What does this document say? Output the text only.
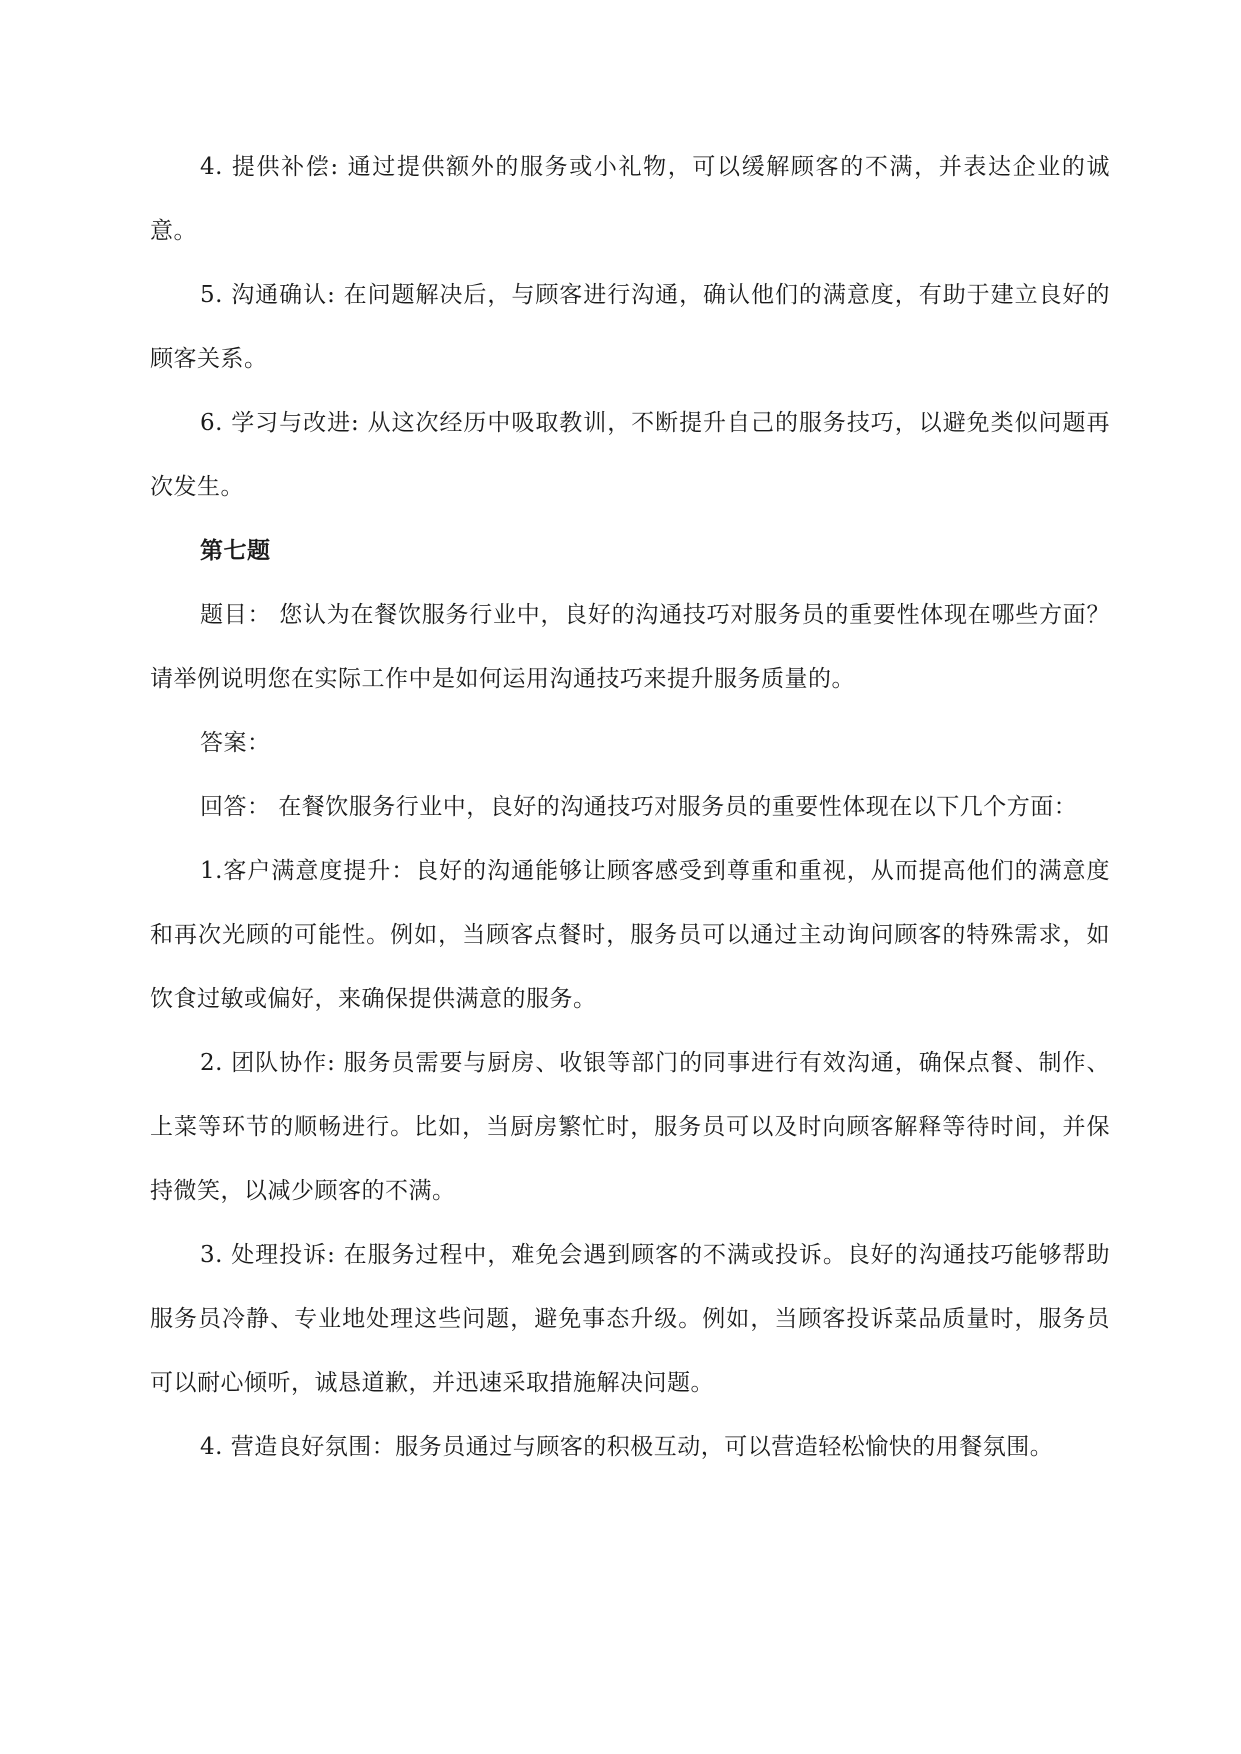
4. 提供补偿: 通过提供额外的服务或小礼物，可以缓解顾客的不满，并表达企业的诚意。

5. 沟通确认: 在问题解决后，与顾客进行沟通，确认他们的满意度，有助于建立良好的顾客关系。

6. 学习与改进: 从这次经历中吸取教训，不断提升自己的服务技巧，以避免类似问题再次发生。

第七题

题目： 您认为在餐饮服务行业中，良好的沟通技巧对服务员的重要性体现在哪些方面？请举例说明您在实际工作中是如何运用沟通技巧来提升服务质量的。

答案：

回答： 在餐饮服务行业中，良好的沟通技巧对服务员的重要性体现在以下几个方面：

1.客户满意度提升：良好的沟通能够让顾客感受到尊重和重视，从而提高他们的满意度和再次光顾的可能性。例如，当顾客点餐时，服务员可以通过主动询问顾客的特殊需求，如饮食过敏或偏好，来确保提供满意的服务。

2. 团队协作: 服务员需要与厨房、收银等部门的同事进行有效沟通，确保点餐、制作、上菜等环节的顺畅进行。比如，当厨房繁忙时，服务员可以及时向顾客解释等待时间，并保持微笑，以减少顾客的不满。

3. 处理投诉: 在服务过程中，难免会遇到顾客的不满或投诉。良好的沟通技巧能够帮助服务员冷静、专业地处理这些问题，避免事态升级。例如，当顾客投诉菜品质量时，服务员可以耐心倾听，诚恳道歉，并迅速采取措施解决问题。

4. 营造良好氛围：服务员通过与顾客的积极互动，可以营造轻松愉快的用餐氛围。
